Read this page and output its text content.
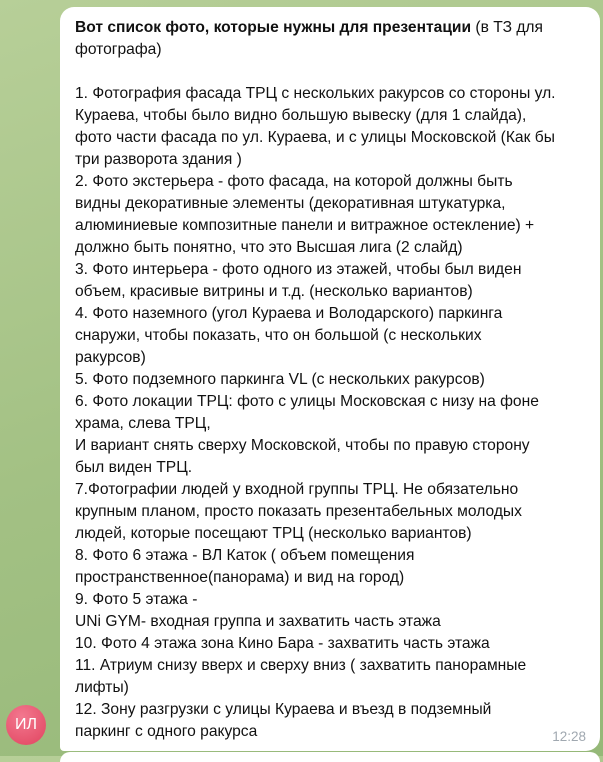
ИЛ
Вот список фото, которые нужны для презентации (в ТЗ для
фотографа)
1. Фотография фасада ТРЦ с нескольких ракурсов со стороны ул.
Кураева, чтобы было видно большую вывеску (для 1 слайда),
фото части фасада по ул. Кураева, и с улицы Московской (Как бы
три разворота здания )
2. Фото экстерьера - фото фасада, на которой должны быть
видны декоративные элементы (декоративная штукатурка,
алюминиевые композитные панели и витражное остекление) +
должно быть понятно, что это Высшая лига (2 слайд)
3. Фото интерьера - фото одного из этажей, чтобы был виден
объем, красивые витрины и т.д. (несколько вариантов)
4. Фото наземного (угол Кураева и Володарского) паркинга
снаружи, чтобы показать, что он большой (с нескольких
ракурсов)
5. Фото подземного паркинга VL (с нескольких ракурсов)
6. Фото локации ТРЦ: фото с улицы Московская с низу на фоне
храма, слева ТРЦ,
И вариант снять сверху Московской, чтобы по правую сторону
был виден ТРЦ.
7.Фотографии людей у входной группы ТРЦ. Не обязательно
крупным планом, просто показать презентабельных молодых
людей, которые посещают ТРЦ (несколько вариантов)
8. Фото 6 этажа - ВЛ Каток ( объем помещения
пространственное(панорама) и вид на город)
9. Фото 5 этажа -
UNi GYM- входная группа и захватить часть этажа
10. Фото 4 этажа зона Кино Бара - захватить часть этажа
11. Атриум снизу вверх и сверху вниз ( захватить панорамные
лифты)
12. Зону разгрузки с улицы Кураева и въезд в подземный
паркинг с одного ракурса	12:28
